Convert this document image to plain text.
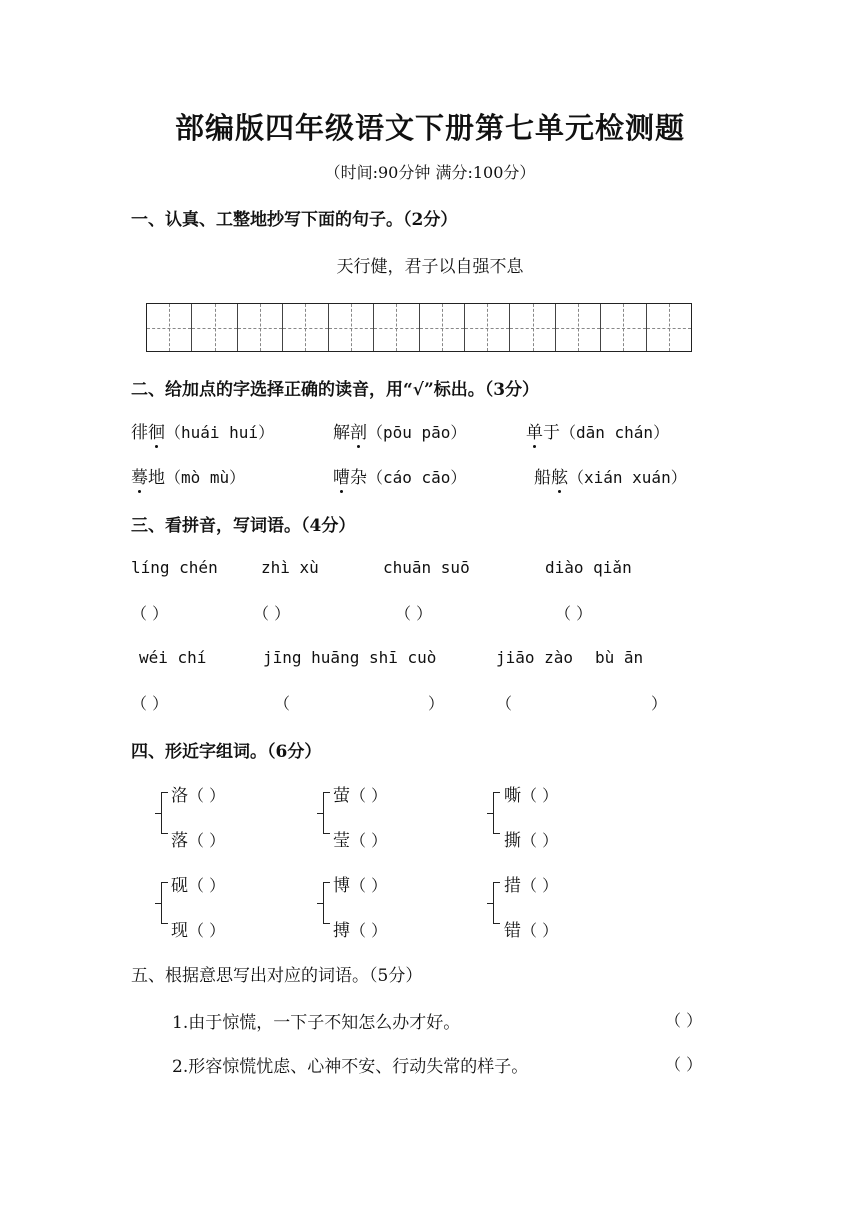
部编版四年级语文下册第七单元检测题
（时间:90分钟 满分:100分）
一、认真、工整地抄写下面的句子。（2分）
天行健，君子以自强不息
二、给加点的字选择正确的读音，用“√”标出。（3分）
徘徊（huái huí）	解剖（pōu pāo）	单于（dān chán）
蓦地（mò mù）	嘈杂（cáo cāo）	船舷（xián xuán）
三、看拼音，写词语。（4分）
líng chén	zhì xù	chuān suō	diào qiǎn
（ ）	（ ）	（ ）	（ ）
wéi chí	jīng huāng shī cuò	jiāo zào bù ān
（ ）	（	）	（	）
四、形近字组词。（6分）
洛（ ）
落（ ）
萤（ ）
莹（ ）
嘶（ ）
撕（ ）
砚（ ）
现（ ）
博（ ）
搏（ ）
措（ ）
错（ ）
五、根据意思写出对应的词语。（5分）
1.由于惊慌，一下子不知怎么办才好。	（ ）
2.形容惊慌忧虑、心神不安、行动失常的样子。	（ ）
